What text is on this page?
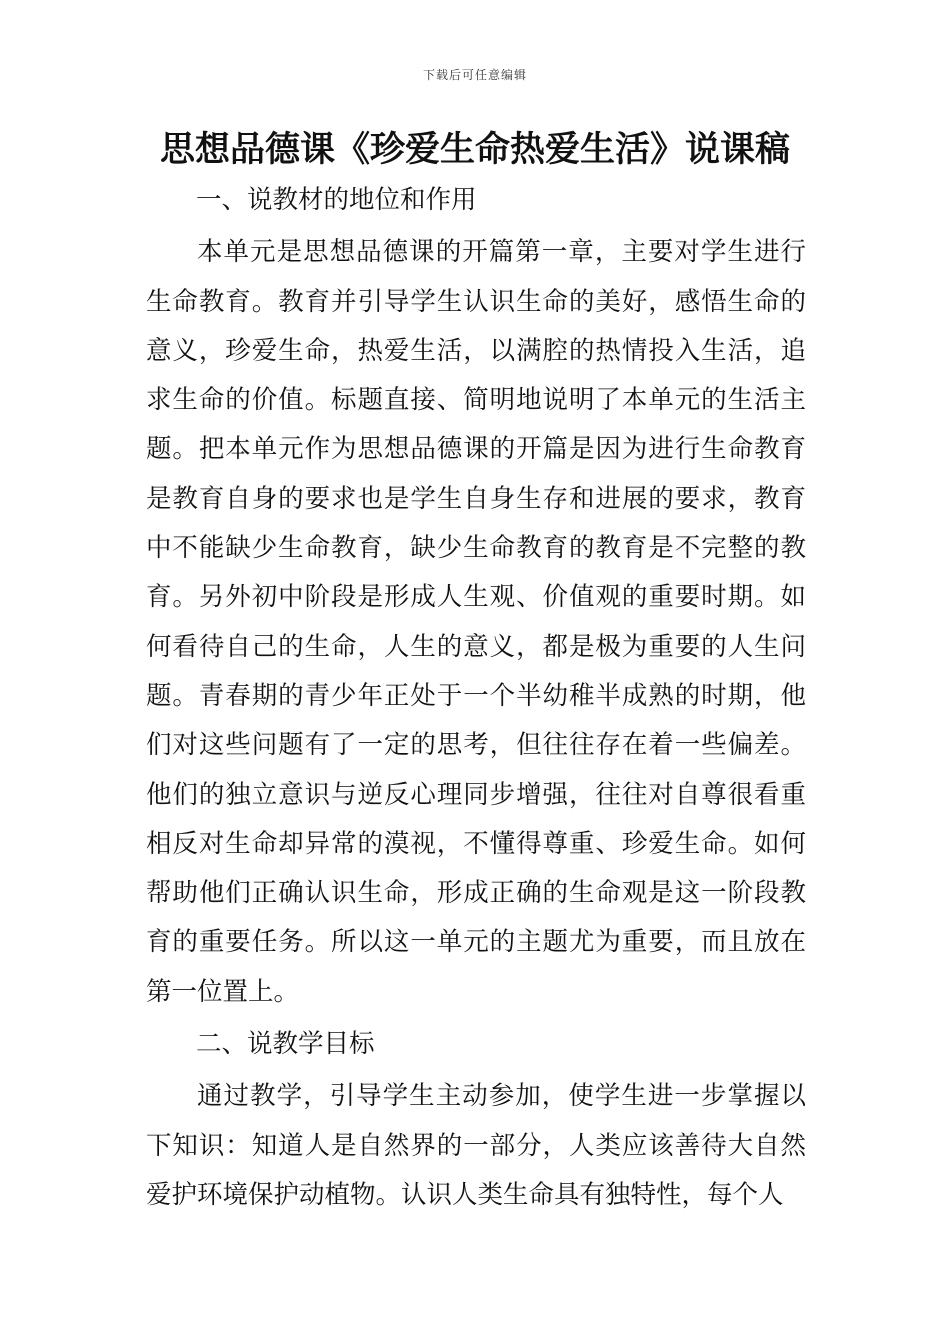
下载后可任意编辑
思想品德课《珍爱生命热爱生活》说课稿
一、说教材的地位和作用

本单元是思想品德课的开篇第一章，主要对学生进行生命教育。教育并引导学生认识生命的美好，感悟生命的意义，珍爱生命，热爱生活，以满腔的热情投入生活，追求生命的价值。标题直接、简明地说明了本单元的生活主题。把本单元作为思想品德课的开篇是因为进行生命教育是教育自身的要求也是学生自身生存和进展的要求，教育中不能缺少生命教育，缺少生命教育的教育是不完整的教育。另外初中阶段是形成人生观、价值观的重要时期。如何看待自己的生命，人生的意义，都是极为重要的人生问题。青春期的青少年正处于一个半幼稚半成熟的时期，他们对这些问题有了一定的思考，但往往存在着一些偏差。他们的独立意识与逆反心理同步增强，往往对自尊很看重相反对生命却异常的漠视，不懂得尊重、珍爱生命。如何帮助他们正确认识生命，形成正确的生命观是这一阶段教育的重要任务。所以这一单元的主题尤为重要，而且放在第一位置上。

二、说教学目标

通过教学，引导学生主动参加，使学生进一步掌握以下知识：知道人是自然界的一部分，人类应该善待大自然爱护环境保护动植物。认识人类生命具有独特性，每个人
